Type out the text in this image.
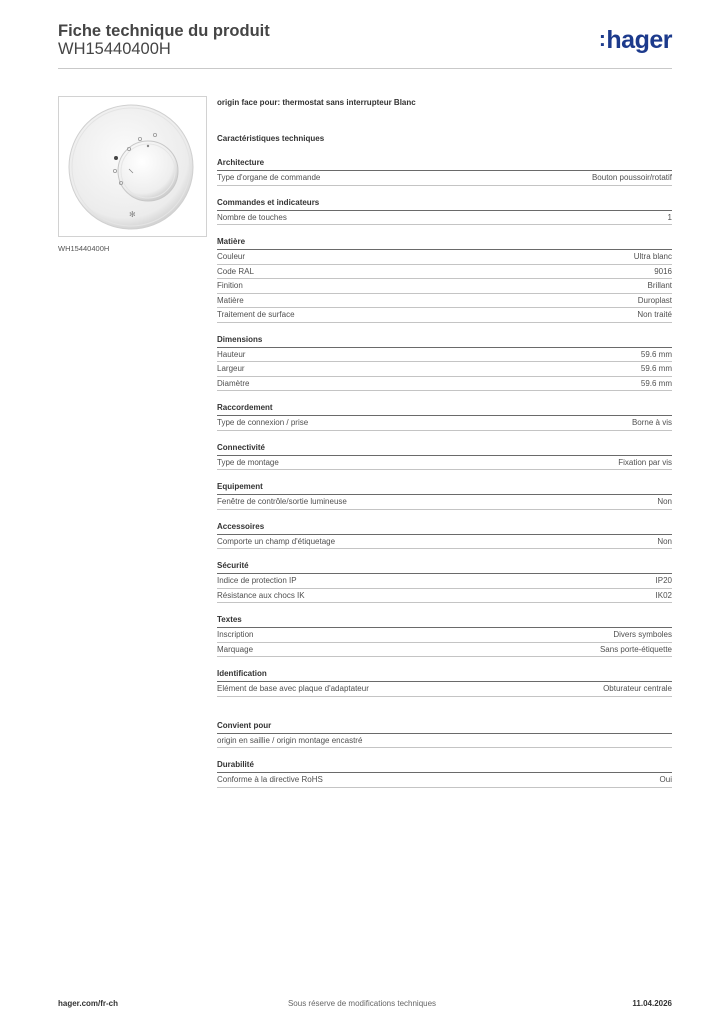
Fiche technique du produit
WH15440400H	:hager
✻
WH15440400H
origin face pour: thermostat sans interrupteur Blanc
Caractéristiques techniques
Architecture
Type d'organe de commande	Bouton poussoir/rotatif
Commandes et indicateurs
Nombre de touches	1
Matière
Couleur	Ultra blanc
Code RAL	9016
Finition	Brillant
Matière	Duroplast
Traitement de surface	Non traité
Dimensions
Hauteur	59.6 mm
Largeur	59.6 mm
Diamètre	59.6 mm
Raccordement
Type de connexion / prise	Borne à vis
Connectivité
Type de montage	Fixation par vis
Equipement
Fenêtre de contrôle/sortie lumineuse	Non
Accessoires
Comporte un champ d'étiquetage	Non
Sécurité
Indice de protection IP	IP20
Résistance aux chocs IK	IK02
Textes
Inscription	Divers symboles
Marquage	Sans porte-étiquette
Identification
Elément de base avec plaque d'adaptateur	Obturateur centrale
Convient pour
origin en saillie / origin montage encastré
Durabilité
Conforme à la directive RoHS	Oui
hager.com/fr-ch	Sous réserve de modifications techniques	11.04.2026
